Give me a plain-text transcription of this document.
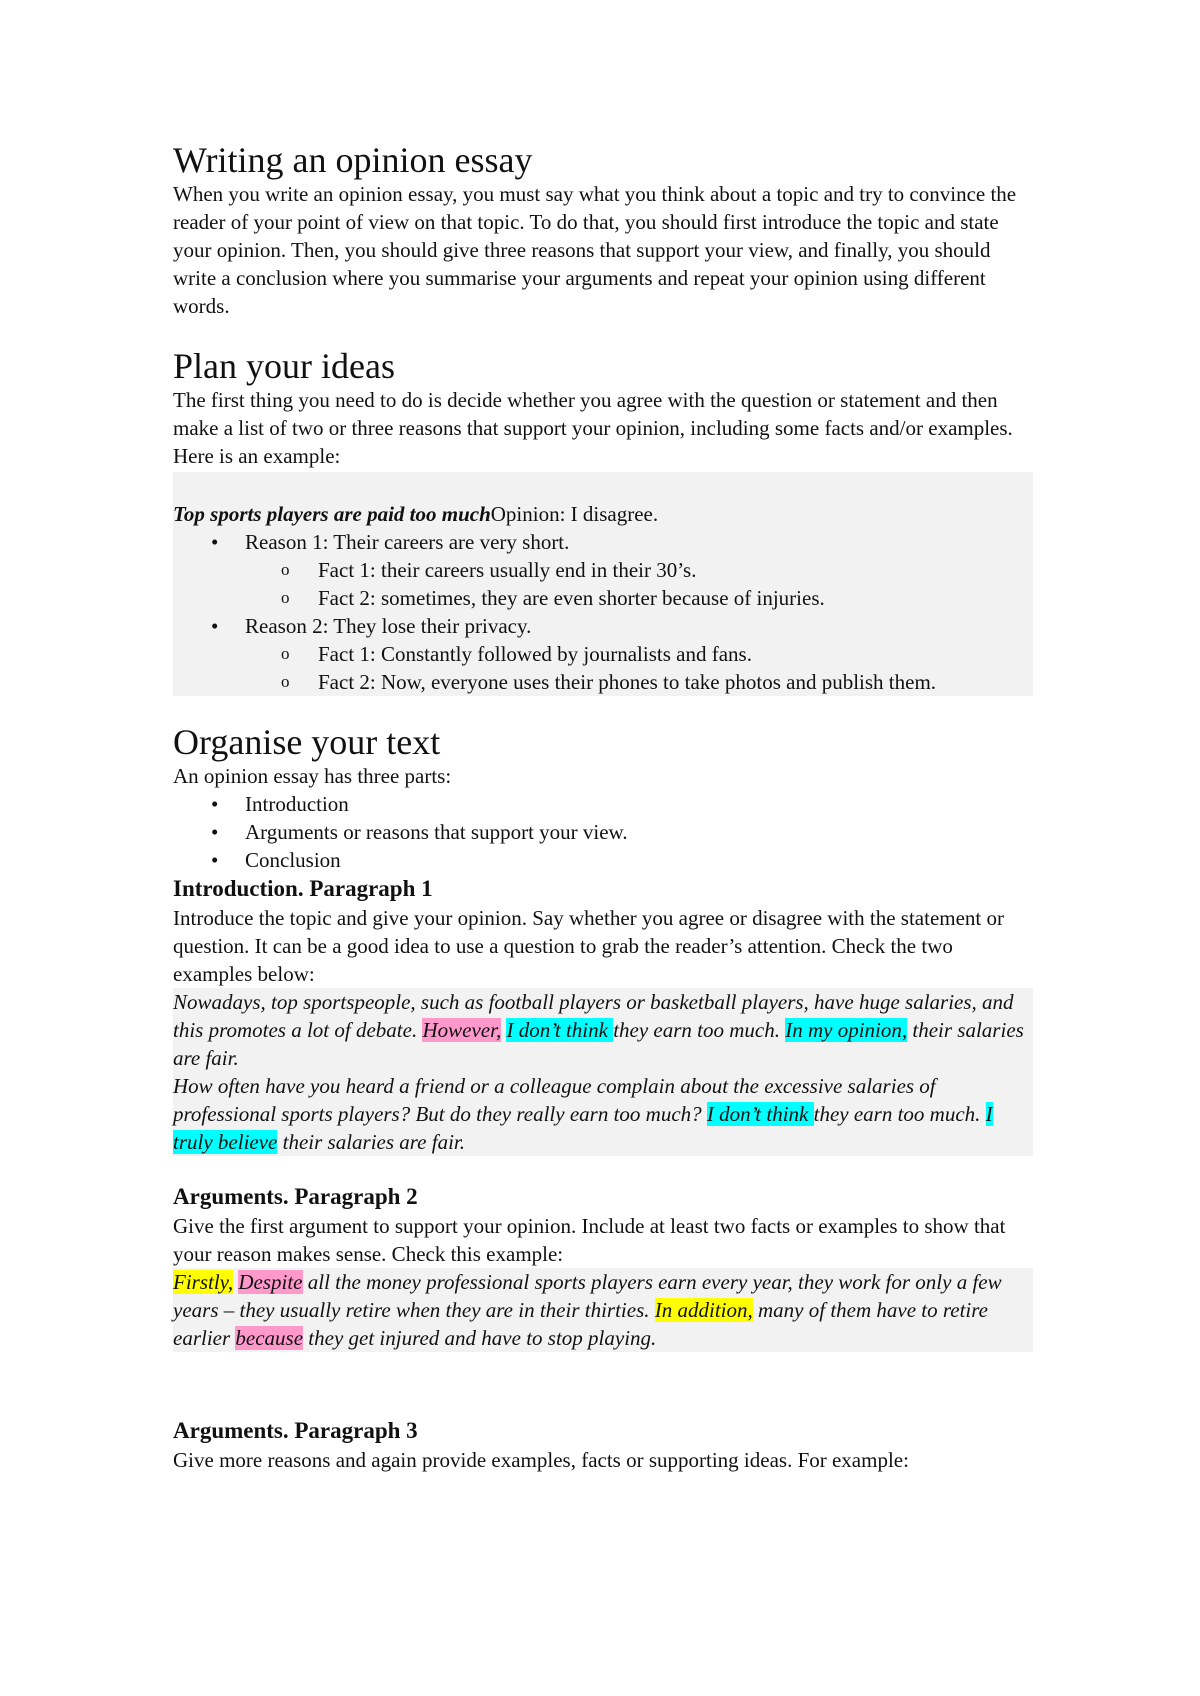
Writing an opinion essay

When you write an opinion essay, you must say what you think about a topic and try to convince the reader of your point of view on that topic. To do that, you should first introduce the topic and state your opinion. Then, you should give three reasons that support your view, and finally, you should write a conclusion where you summarise your arguments and repeat your opinion using different words.

Plan your ideas

The first thing you need to do is decide whether you agree with the question or statement and then make a list of two or three reasons that support your opinion, including some facts and/or examples. Here is an example:

Top sports players are paid too muchOpinion: I disagree.

• Reason 1: Their careers are very short.
o Fact 1: their careers usually end in their 30’s.
o Fact 2: sometimes, they are even shorter because of injuries.
• Reason 2: They lose their privacy.
o Fact 1: Constantly followed by journalists and fans.
o Fact 2: Now, everyone uses their phones to take photos and publish them.
Organise your text

An opinion essay has three parts:

• Introduction
• Arguments or reasons that support your view.
• Conclusion

Introduction. Paragraph 1

Introduce the topic and give your opinion. Say whether you agree or disagree with the statement or question. It can be a good idea to use a question to grab the reader’s attention. Check the two examples below:

Nowadays, top sportspeople, such as football players or basketball players, have huge salaries, and this promotes a lot of debate. However, I don’t think they earn too much. In my opinion, their salaries are fair.

How often have you heard a friend or a colleague complain about the excessive salaries of professional sports players? But do they really earn too much? I don’t think they earn too much. I truly believe their salaries are fair.

Arguments. Paragraph 2

Give the first argument to support your opinion. Include at least two facts or examples to show that your reason makes sense. Check this example:

Firstly, Despite all the money professional sports players earn every year, they work for only a few years – they usually retire when they are in their thirties. In addition, many of them have to retire earlier because they get injured and have to stop playing.

Arguments. Paragraph 3

Give more reasons and again provide examples, facts or supporting ideas. For example:
